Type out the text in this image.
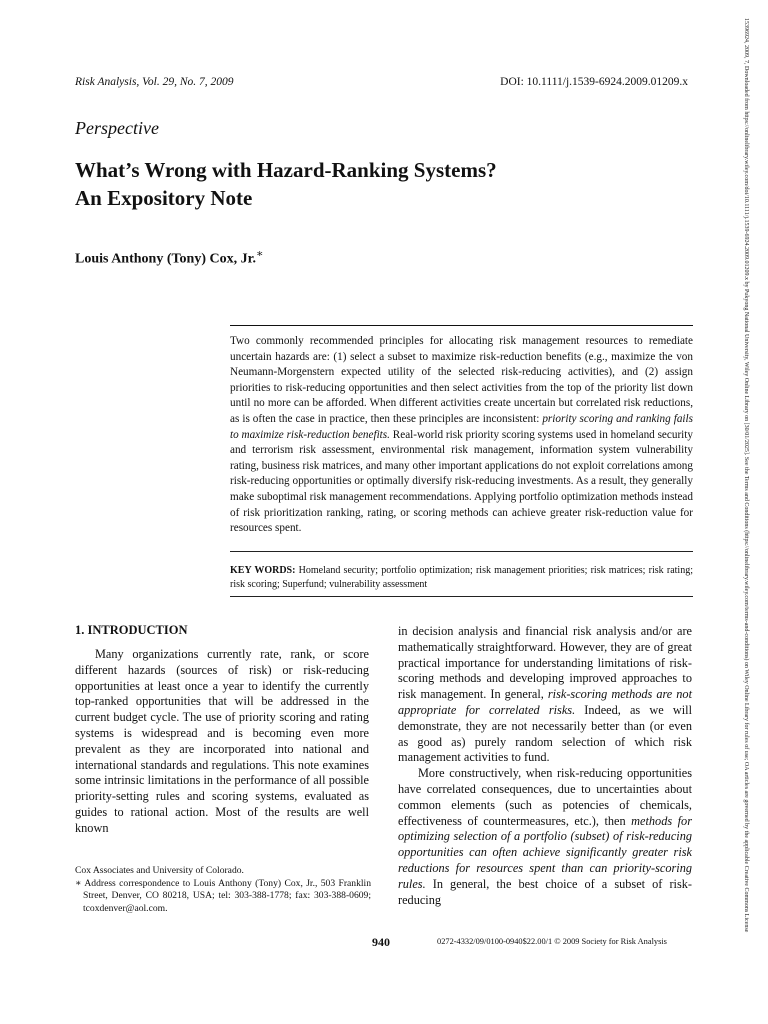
Risk Analysis, Vol. 29, No. 7, 2009	DOI: 10.1111/j.1539-6924.2009.01209.x
Perspective
What’s Wrong with Hazard-Ranking Systems?
An Expository Note
Louis Anthony (Tony) Cox, Jr.∗
Two commonly recommended principles for allocating risk management resources to remediate uncertain hazards are: (1) select a subset to maximize risk-reduction benefits (e.g., maximize the von Neumann-Morgenstern expected utility of the selected risk-reducing activities), and (2) assign priorities to risk-reducing opportunities and then select activities from the top of the priority list down until no more can be afforded. When different activities create uncertain but correlated risk reductions, as is often the case in practice, then these principles are inconsistent: priority scoring and ranking fails to maximize risk-reduction benefits. Real-world risk priority scoring systems used in homeland security and terrorism risk assessment, environmental risk management, information system vulnerability rating, business risk matrices, and many other important applications do not exploit correlations among risk-reducing opportunities or optimally diversify risk-reducing investments. As a result, they generally make suboptimal risk management recommendations. Applying portfolio optimization methods instead of risk prioritization ranking, rating, or scoring methods can achieve greater risk-reduction value for resources spent.
KEY WORDS: Homeland security; portfolio optimization; risk management priorities; risk matrices; risk rating; risk scoring; Superfund; vulnerability assessment
1. INTRODUCTION

Many organizations currently rate, rank, or score different hazards (sources of risk) or risk-reducing opportunities at least once a year to identify the currently top-ranked opportunities that will be addressed in the current budget cycle. The use of priority scoring and rating systems is widespread and is becoming even more prevalent as they are incorporated into national and international standards and regulations. This note examines some intrinsic limitations in the performance of all possible priority-setting rules and scoring systems, evaluated as guides to rational action. Most of the results are well known

in decision analysis and financial risk analysis and/or are mathematically straightforward. However, they are of great practical importance for understanding limitations of risk-scoring methods and developing improved approaches to risk management. In general, risk-scoring methods are not appropriate for correlated risks. Indeed, as we will demonstrate, they are not necessarily better than (or even as good as) purely random selection of which risk management activities to fund.

More constructively, when risk-reducing opportunities have correlated consequences, due to uncertainties about common elements (such as potencies of chemicals, effectiveness of countermeasures, etc.), then methods for optimizing selection of a portfolio (subset) of risk-reducing opportunities can often achieve significantly greater risk reductions for resources spent than can priority-scoring rules. In general, the best choice of a subset of risk-reducing

Cox Associates and University of Colorado.
∗ Address correspondence to Louis Anthony (Tony) Cox, Jr., 503 Franklin Street, Denver, CO 80218, USA; tel: 303-388-1778; fax: 303-388-0609; tcoxdenver@aol.com.
940	0272-4332/09/0100-0940$22.00/1 © 2009 Society for Risk Analysis
15396924, 2009, 7, Downloaded from https://onlinelibrary.wiley.com/doi/10.1111/j.1539-6924.2009.01209.x by Pukyong National University, Wiley Online Library on [30/01/2025]. See the Terms and Conditions (https://onlinelibrary.wiley.com/terms-and-conditions) on Wiley Online Library for rules of use; OA articles are governed by the applicable Creative Commons License
